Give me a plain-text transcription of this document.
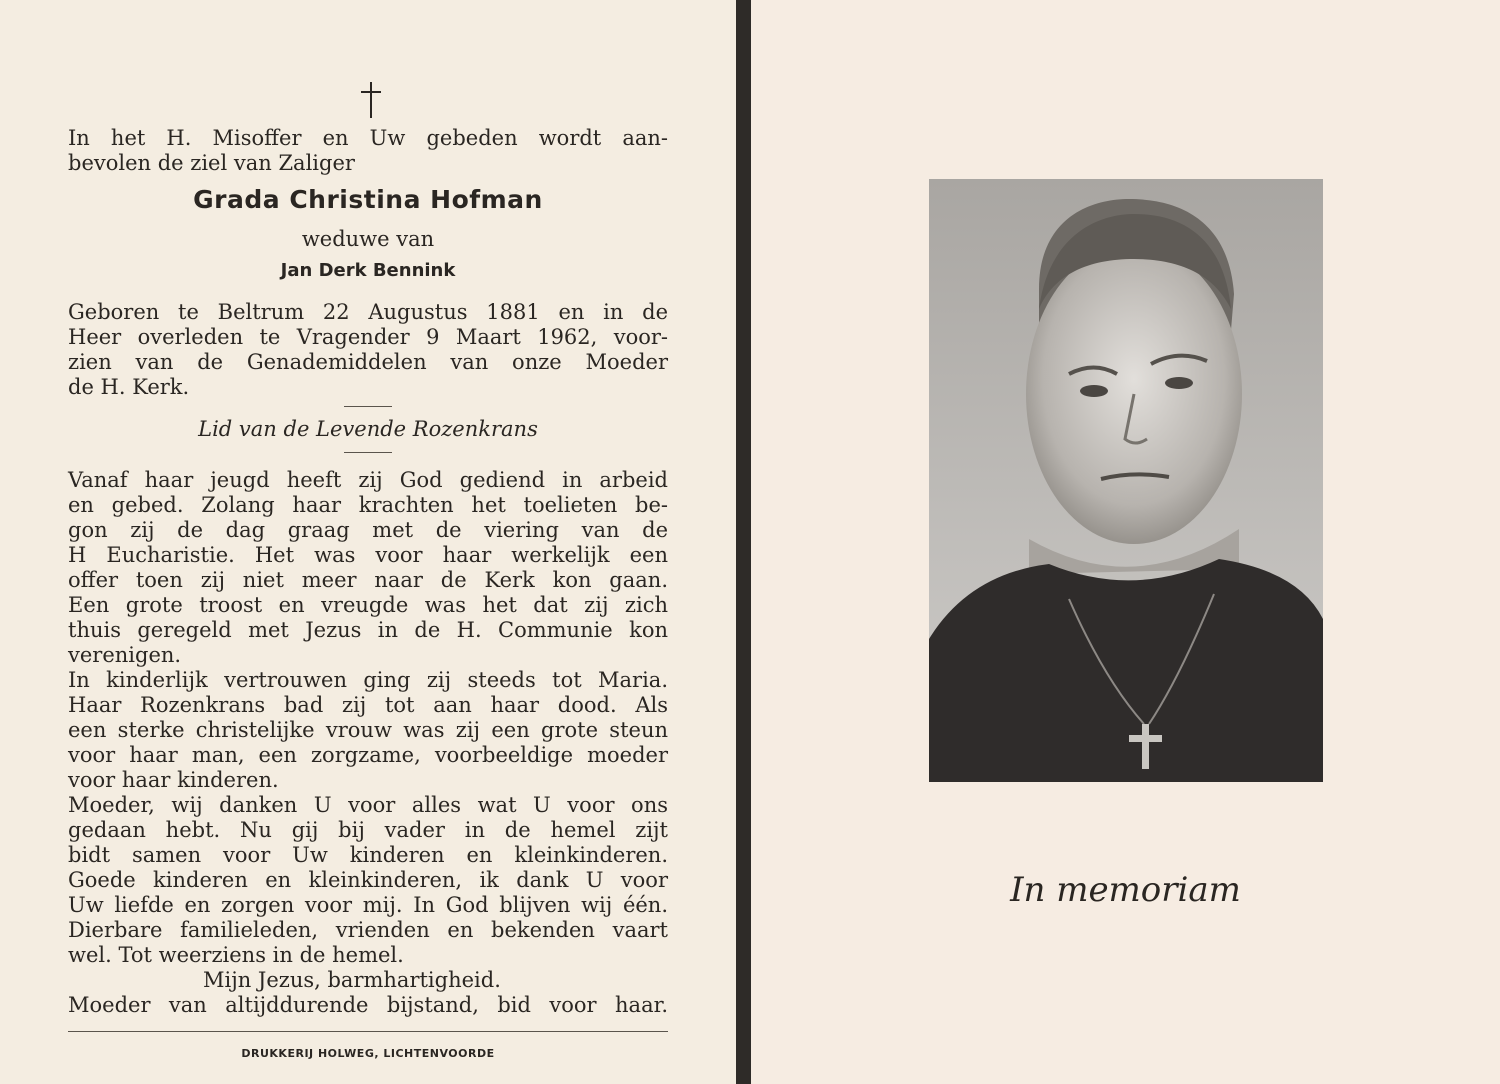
In het H. Misoffer en Uw gebeden wordt aan-
bevolen de ziel van Zaliger
Grada Christina Hofman
weduwe van
Jan Derk Bennink
Geboren te Beltrum 22 Augustus 1881 en in de
Heer overleden te Vragender 9 Maart 1962, voor-
zien van de Genademiddelen van onze Moeder
de H. Kerk.
Lid van de Levende Rozenkrans
Vanaf haar jeugd heeft zij God gediend in arbeid
en gebed. Zolang haar krachten het toelieten be-
gon zij de dag graag met de viering van de
H Eucharistie. Het was voor haar werkelijk een
offer toen zij niet meer naar de Kerk kon gaan.
Een grote troost en vreugde was het dat zij zich
thuis geregeld met Jezus in de H. Communie kon
verenigen.
In kinderlijk vertrouwen ging zij steeds tot Maria.
Haar Rozenkrans bad zij tot aan haar dood. Als
een sterke christelijke vrouw was zij een grote steun
voor haar man, een zorgzame, voorbeeldige moeder
voor haar kinderen.
Moeder, wij danken U voor alles wat U voor ons
gedaan hebt. Nu gij bij vader in de hemel zijt
bidt samen voor Uw kinderen en kleinkinderen.
Goede kinderen en kleinkinderen, ik dank U voor
Uw liefde en zorgen voor mij. In God blijven wij één.
Dierbare familieleden, vrienden en bekenden vaart
wel. Tot weerziens in de hemel.
Mijn Jezus, barmhartigheid.
Moeder van altijddurende bijstand, bid voor haar.
DRUKKERIJ HOLWEG, LICHTENVOORDE
In memoriam
